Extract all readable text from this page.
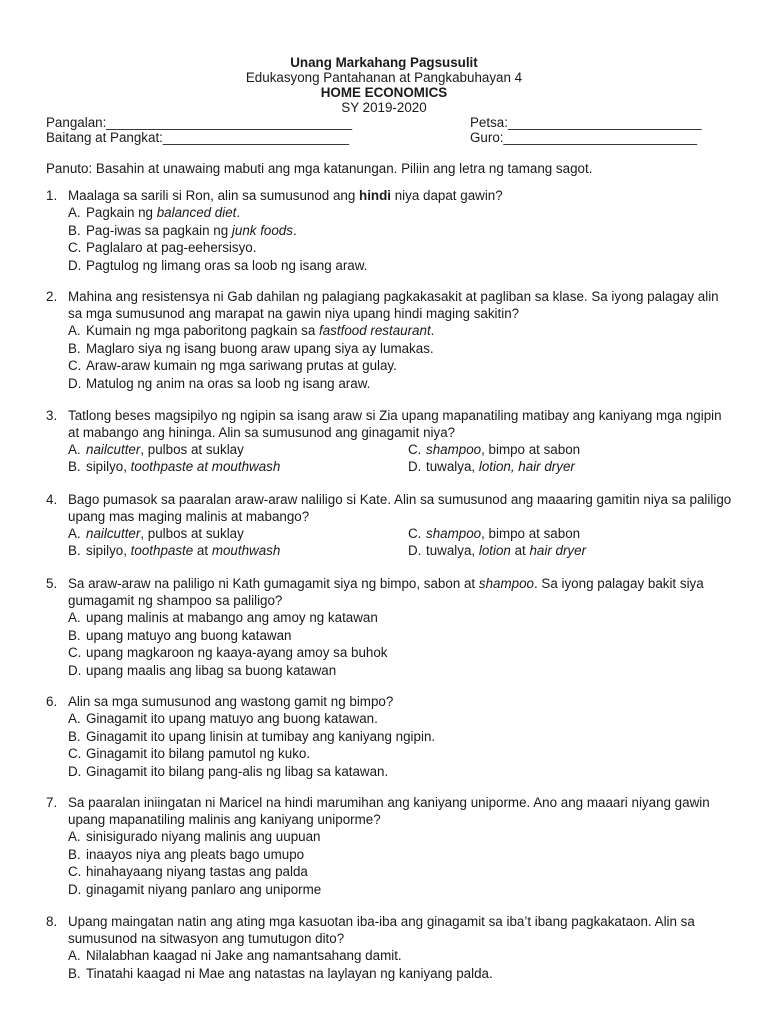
Unang Markahang Pagsusulit
Edukasyong Pantahanan at Pangkabuhayan 4
HOME ECONOMICS
SY 2019-2020
Pangalan:_________________________________	Petsa:__________________________
Baitang at Pangkat:_________________________	Guro:__________________________
Panuto: Basahin at unawaing mabuti ang mga katanungan. Piliin ang letra ng tamang sagot.
1. Maalaga sa sarili si Ron, alin sa sumusunod ang hindi niya dapat gawin?
A. Pagkain ng balanced diet.
B. Pag-iwas sa pagkain ng junk foods.
C. Paglalaro at pag-eehersisyo.
D. Pagtulog ng limang oras sa loob ng isang araw.
2. Mahina ang resistensya ni Gab dahilan ng palagiang pagkakasakit at pagliban sa klase. Sa iyong palagay alin sa mga sumusunod ang marapat na gawin niya upang hindi maging sakitin?
A. Kumain ng mga paboritong pagkain sa fastfood restaurant.
B. Maglaro siya ng isang buong araw upang siya ay lumakas.
C. Araw-araw kumain ng mga sariwang prutas at gulay.
D. Matulog ng anim na oras sa loob ng isang araw.
3. Tatlong beses magsipilyo ng ngipin sa isang araw si Zia upang mapanatiling matibay ang kaniyang mga ngipin at mabango ang hininga. Alin sa sumusunod ang ginagamit niya?
A. nailcutter, pulbos at suklay	C. shampoo, bimpo at sabon
B. sipilyo, toothpaste at mouthwash	D. tuwalya, lotion, hair dryer
4. Bago pumasok sa paaralan araw-araw naliligo si Kate. Alin sa sumusunod ang maaaring gamitin niya sa paliligo upang mas maging malinis at mabango?
A. nailcutter, pulbos at suklay	C. shampoo, bimpo at sabon
B. sipilyo, toothpaste at mouthwash	D. tuwalya, lotion at hair dryer
5. Sa araw-araw na paliligo ni Kath gumagamit siya ng bimpo, sabon at shampoo. Sa iyong palagay bakit siya gumagamit ng shampoo sa paliligo?
A. upang malinis at mabango ang amoy ng katawan
B. upang matuyo ang buong katawan
C. upang magkaroon ng kaaya-ayang amoy sa buhok
D. upang maalis ang libag sa buong katawan
6. Alin sa mga sumusunod ang wastong gamit ng bimpo?
A. Ginagamit ito upang matuyo ang buong katawan.
B. Ginagamit ito upang linisin at tumibay ang kaniyang ngipin.
C. Ginagamit ito bilang pamutol ng kuko.
D. Ginagamit ito bilang pang-alis ng libag sa katawan.
7. Sa paaralan iniingatan ni Maricel na hindi marumihan ang kaniyang uniporme. Ano ang maaari niyang gawin upang mapanatiling malinis ang kaniyang uniporme?
A. sinisigurado niyang malinis ang uupuan
B. inaayos niya ang pleats bago umupo
C. hinahayaang niyang tastas ang palda
D. ginagamit niyang panlaro ang uniporme
8. Upang maingatan natin ang ating mga kasuotan iba-iba ang ginagamit sa iba’t ibang pagkakataon. Alin sa sumusunod na sitwasyon ang tumutugon dito?
A. Nilalabhan kaagad ni Jake ang namantsahang damit.
B. Tinatahi kaagad ni Mae ang natastas na laylayan ng kaniyang palda.
